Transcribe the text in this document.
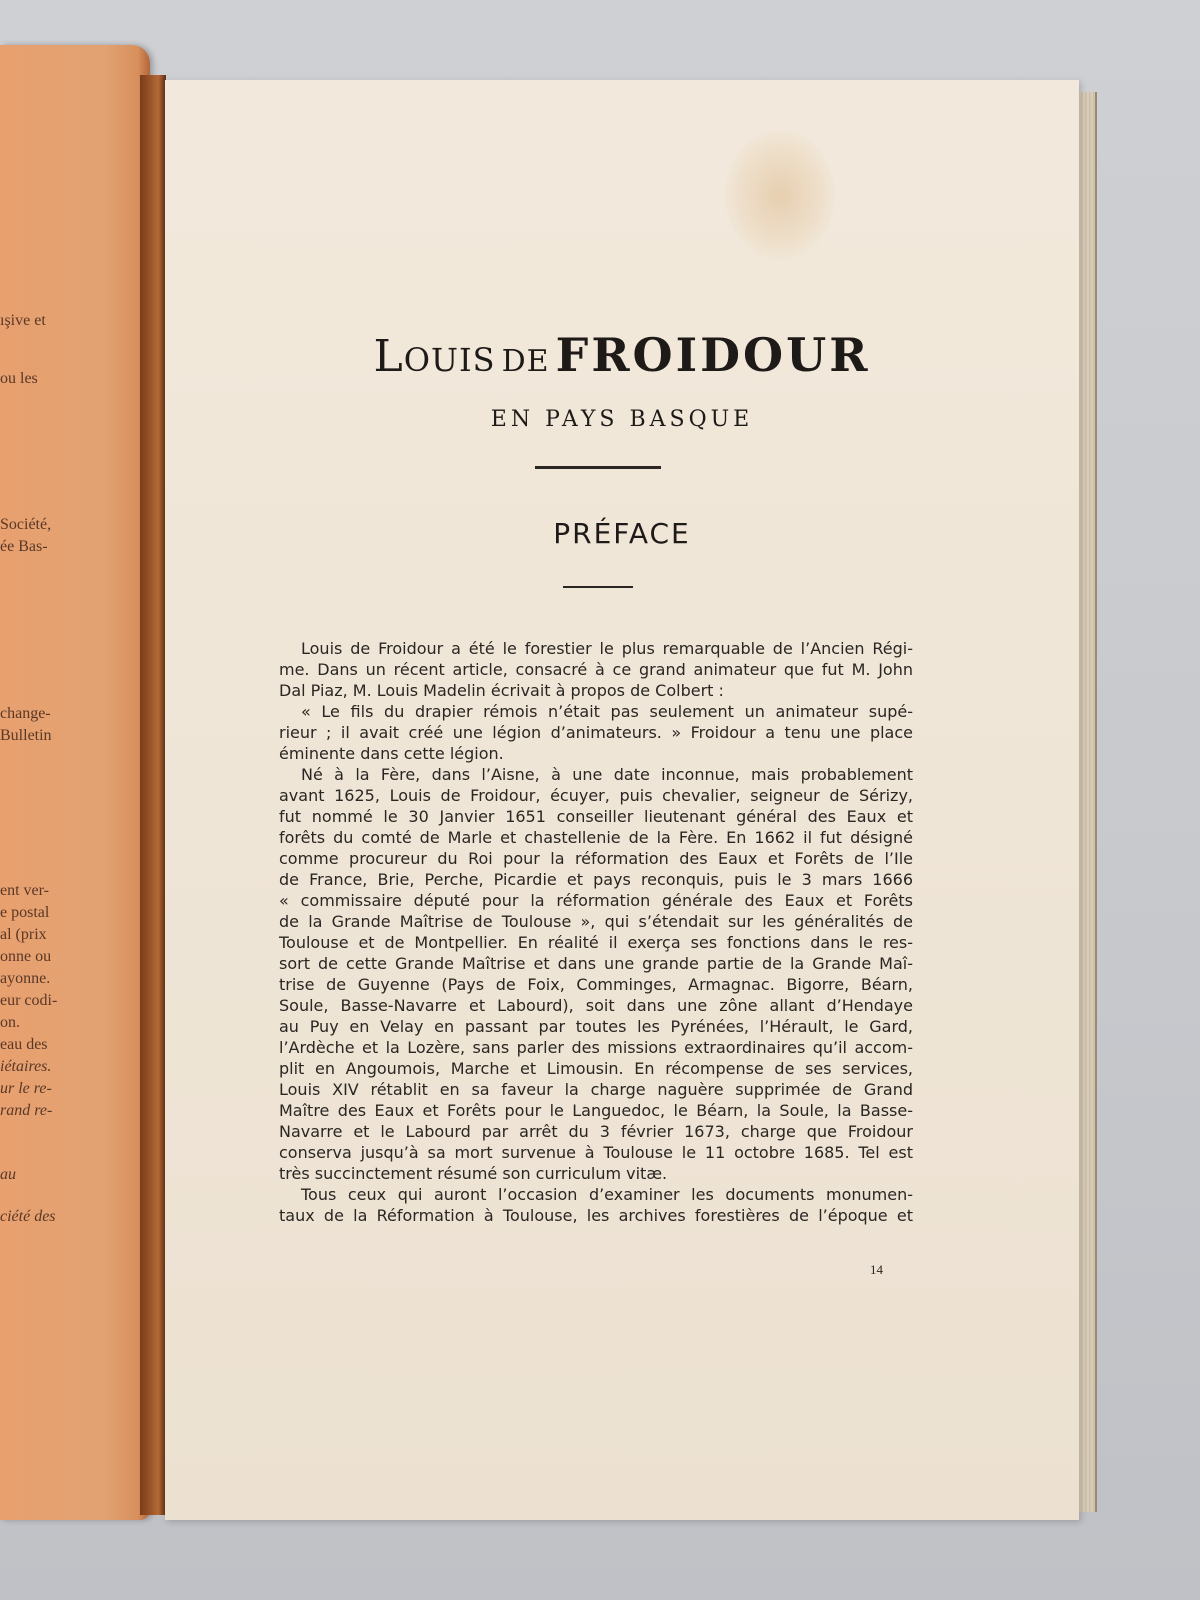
ışive et
ou les
Société,
ée Bas-
change-
Bulletin
ent ver-
e postal
al (prix
onne ou
ayonne.
eur codi-
on.
eau des
iétaires.
ur le re-
rand re-
au
ciété des
LOUIS DE FROIDOUR
EN PAYS BASQUE
PRÉFACE
Louis de Froidour a été le forestier le plus remarquable de l’Ancien Régi-
me. Dans un récent article, consacré à ce grand animateur que fut M. John
Dal Piaz, M. Louis Madelin écrivait à propos de Colbert :
« Le fils du drapier rémois n’était pas seulement un animateur supé-
rieur ; il avait créé une légion d’animateurs. » Froidour a tenu une place
éminente dans cette légion.
Né à la Fère, dans l’Aisne, à une date inconnue, mais probablement
avant 1625, Louis de Froidour, écuyer, puis chevalier, seigneur de Sérizy,
fut nommé le 30 Janvier 1651 conseiller lieutenant général des Eaux et
forêts du comté de Marle et chastellenie de la Fère. En 1662 il fut désigné
comme procureur du Roi pour la réformation des Eaux et Forêts de l’Ile
de France, Brie, Perche, Picardie et pays reconquis, puis le 3 mars 1666
« commissaire député pour la réformation générale des Eaux et Forêts
de la Grande Maîtrise de Toulouse », qui s’étendait sur les généralités de
Toulouse et de Montpellier. En réalité il exerça ses fonctions dans le res-
sort de cette Grande Maîtrise et dans une grande partie de la Grande Maî-
trise de Guyenne (Pays de Foix, Comminges, Armagnac. Bigorre, Béarn,
Soule, Basse-Navarre et Labourd), soit dans une zône allant d’Hendaye
au Puy en Velay en passant par toutes les Pyrénées, l’Hérault, le Gard,
l’Ardèche et la Lozère, sans parler des missions extraordinaires qu’il accom-
plit en Angoumois, Marche et Limousin. En récompense de ses services,
Louis XIV rétablit en sa faveur la charge naguère supprimée de Grand
Maître des Eaux et Forêts pour le Languedoc, le Béarn, la Soule, la Basse-
Navarre et le Labourd par arrêt du 3 février 1673, charge que Froidour
conserva jusqu’à sa mort survenue à Toulouse le 11 octobre 1685. Tel est
très succinctement résumé son curriculum vitæ.
Tous ceux qui auront l’occasion d’examiner les documents monumen-
taux de la Réformation à Toulouse, les archives forestières de l’époque et
14
